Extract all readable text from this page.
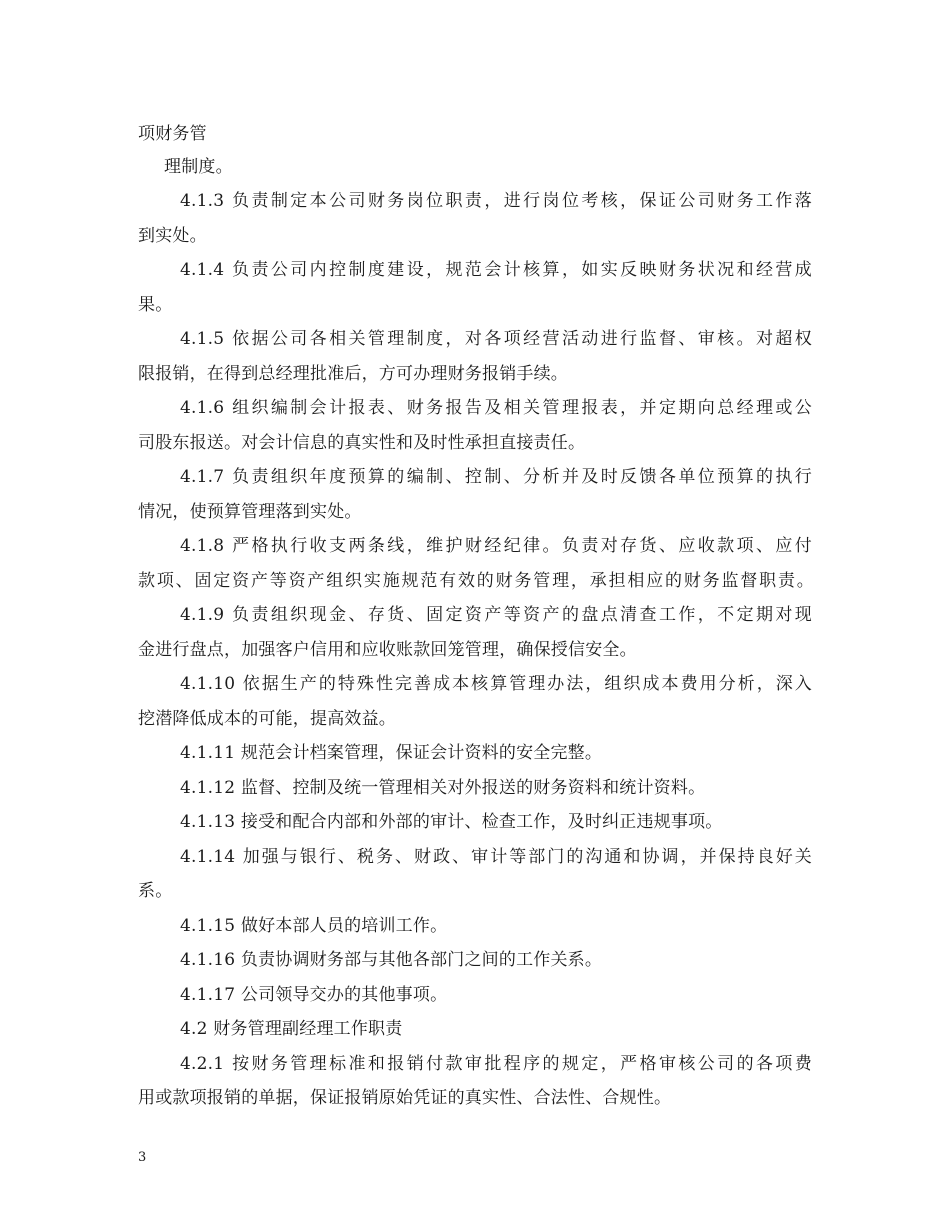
项财务管
理制度。
4.1.3 负责制定本公司财务岗位职责，进行岗位考核，保证公司财务工作落
到实处。
4.1.4 负责公司内控制度建设，规范会计核算，如实反映财务状况和经营成
果。
4.1.5 依据公司各相关管理制度，对各项经营活动进行监督、审核。对超权
限报销，在得到总经理批准后，方可办理财务报销手续。
4.1.6 组织编制会计报表、财务报告及相关管理报表，并定期向总经理或公
司股东报送。对会计信息的真实性和及时性承担直接责任。
4.1.7 负责组织年度预算的编制、控制、分析并及时反馈各单位预算的执行
情况，使预算管理落到实处。
4.1.8 严格执行收支两条线，维护财经纪律。负责对存货、应收款项、应付
款项、固定资产等资产组织实施规范有效的财务管理，承担相应的财务监督职责。
4.1.9 负责组织现金、存货、固定资产等资产的盘点清查工作，不定期对现
金进行盘点，加强客户信用和应收账款回笼管理，确保授信安全。
4.1.10 依据生产的特殊性完善成本核算管理办法，组织成本费用分析，深入
挖潜降低成本的可能，提高效益。
4.1.11 规范会计档案管理，保证会计资料的安全完整。
4.1.12 监督、控制及统一管理相关对外报送的财务资料和统计资料。
4.1.13 接受和配合内部和外部的审计、检查工作，及时纠正违规事项。
4.1.14 加强与银行、税务、财政、审计等部门的沟通和协调，并保持良好关
系。
4.1.15 做好本部人员的培训工作。
4.1.16 负责协调财务部与其他各部门之间的工作关系。
4.1.17 公司领导交办的其他事项。
4.2 财务管理副经理工作职责
4.2.1 按财务管理标准和报销付款审批程序的规定，严格审核公司的各项费
用或款项报销的单据，保证报销原始凭证的真实性、合法性、合规性。
3
